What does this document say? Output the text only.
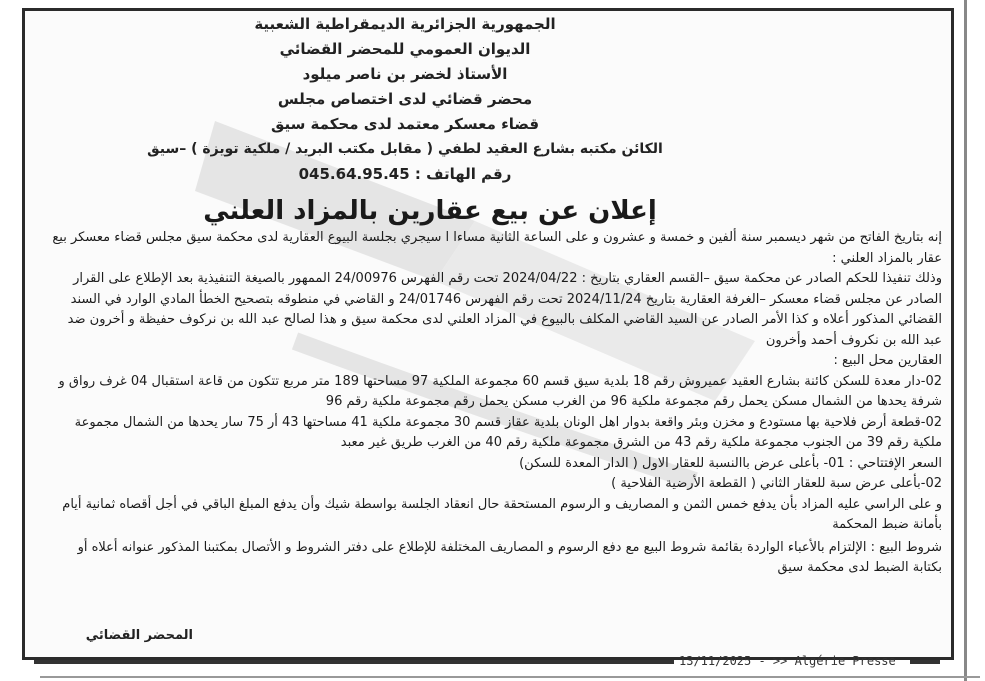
الجمهورية الجزائرية الديمقراطية الشعبية
الديوان العمومي للمحضر القضائي
الأستاذ لخضر بن ناصر ميلود
محضر قضائي لدى اختصاص مجلس
قضاء معسكر معتمد لدى محكمة سيق
الكائن مكتبه بشارع العقيد لطفي ( مقابل مكتب البريد / ملكية تويزة ) –سيق
رقم الهاتف : 045.64.95.45
إعلان عن بيع عقارين بالمزاد العلني

إنه بتاريخ الفاتح من شهر ديسمبر سنة ألفين و خمسة و عشرون و على الساعة الثانية مساءا ا سيجري بجلسة البيوع العقارية لدى محكمة سيق مجلس قضاء معسكر بيع عقار بالمزاد العلني :

وذلك تنفيذا للحكم الصادر عن محكمة سيق –القسم العقاري بتاريخ : 2024/04/22 تحت رقم الفهرس 24/00976 الممهور بالصيغة التنفيذية بعد الإطلاع على القرار الصادر عن مجلس قضاء معسكر –الغرفة العقارية بتاريخ 2024/11/24 تحت رقم الفهرس 24/01746 و القاضي في منطوقه بتصحيح الخطأ المادي الوارد في السند القضائي المذكور أعلاه و كذا الأمر الصادر عن السيد القاضي المكلف بالبيوع في المزاد العلني لدى محكمة سيق و هذا لصالح عبد الله بن نركوف حفيظة و أخرون ضد عبد الله بن نكروف أحمد وأخرون

العقارين محل البيع :

02-دار معدة للسكن كائنة بشارع العقيد عميروش رقم 18 بلدية سيق قسم 60 مجموعة الملكية 97 مساحتها 189 متر مربع تتكون من قاعة استقبال 04 غرف رواق و شرفة يحدها من الشمال مسكن يحمل رقم مجموعة ملكية 96 من الغرب مسكن يحمل رقم مجموعة ملكية رقم 96

02-قطعة أرض فلاحية بها مستودع و مخزن وبئر واقعة بدوار اهل الونان بلدية عقاز قسم 30 مجموعة ملكية 41 مساحتها 43 أر 75 سار يحدها من الشمال مجموعة ملكية رقم 39 من الجنوب مجموعة ملكية رقم 43 من الشرق مجموعة ملكية رقم 40 من الغرب طريق غير معبد

السعر الإفتتاحي : 01- بأعلى عرض باالنسبة للعقار الاول ( الدار المعدة للسكن)

02-بأعلى عرض سبة للعقار الثاني ( القطعة الأرضية الفلاحية )

و على الراسي عليه المزاد بأن يدفع خمس الثمن و المصاريف و الرسوم المستحقة حال انعقاد الجلسة بواسطة شيك وأن يدفع المبلغ الباقي في أجل أقصاه ثمانية أيام بأمانة ضبط المحكمة

شروط البيع : الإلتزام بالأعباء الواردة بقائمة شروط البيع مع دفع الرسوم و المصاريف المختلفة للإطلاع على دفتر الشروط و الأتصال بمكتبنا المذكور عنوانه أعلاه أو بكتابة الضبط لدى محكمة سيق

المحضر القضائي
13/11/2025 - >> Algérie Presse
